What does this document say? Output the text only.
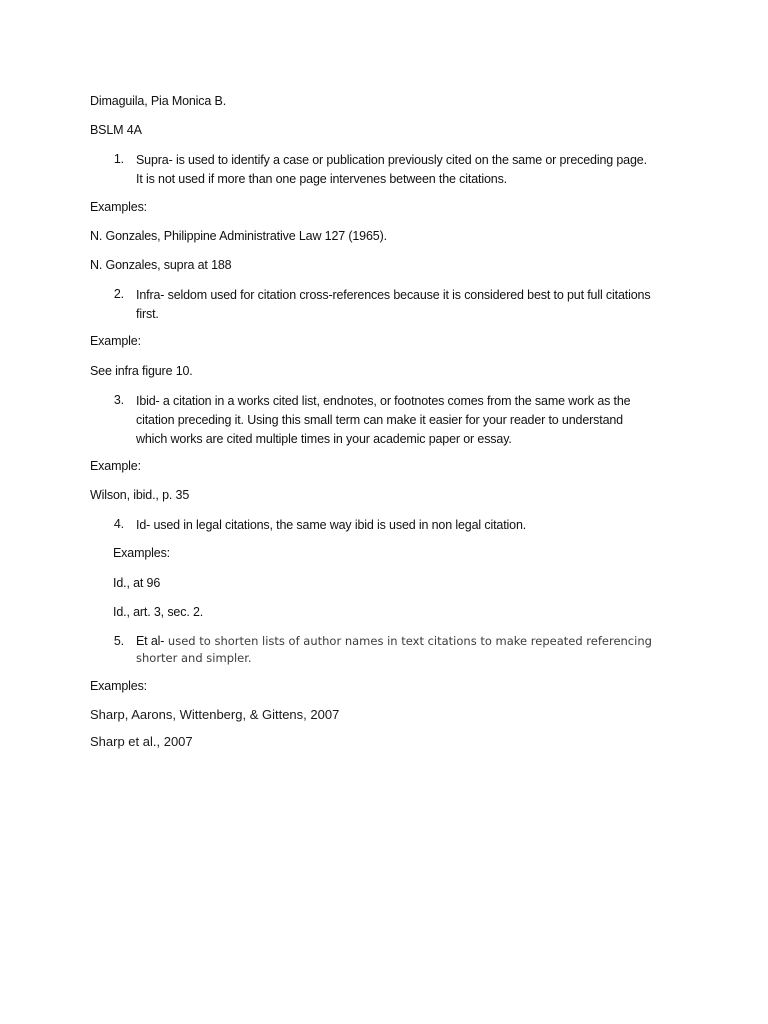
Dimaguila, Pia Monica B.
BSLM 4A
1. Supra- is used to identify a case or publication previously cited on the same or preceding page.
It is not used if more than one page intervenes between the citations.
Examples:
N. Gonzales, Philippine Administrative Law 127 (1965).
N. Gonzales, supra at 188
2. Infra- seldom used for citation cross-references because it is considered best to put full citations
first.
Example:
See infra figure 10.
3. Ibid- a citation in a works cited list, endnotes, or footnotes comes from the same work as the
citation preceding it. Using this small term can make it easier for your reader to understand
which works are cited multiple times in your academic paper or essay.
Example:
Wilson, ibid., p. 35
4. Id- used in legal citations, the same way ibid is used in non legal citation.
Examples:
Id., at 96
Id., art. 3, sec. 2.
5. Et al- used to shorten lists of author names in text citations to make repeated referencing
shorter and simpler.
Examples:
Sharp, Aarons, Wittenberg, & Gittens, 2007
Sharp et al., 2007
